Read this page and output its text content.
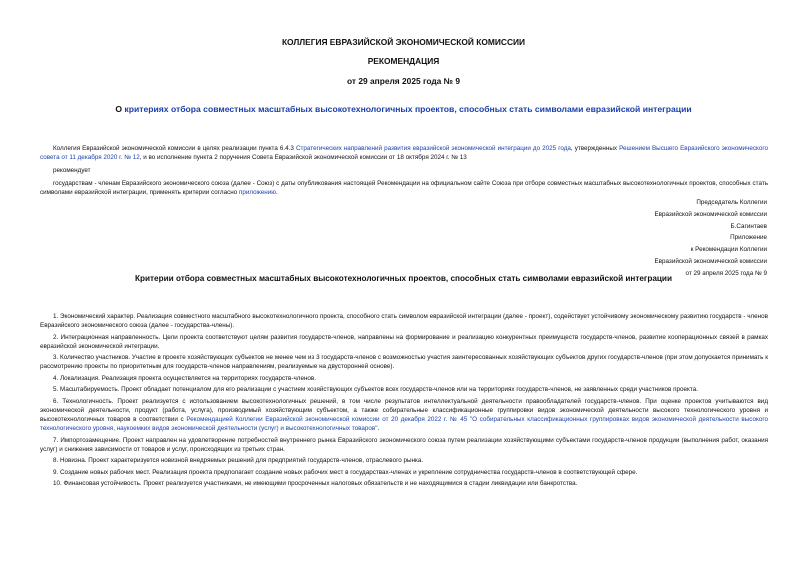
КОЛЛЕГИЯ ЕВРАЗИЙСКОЙ ЭКОНОМИЧЕСКОЙ КОМИССИИ
РЕКОМЕНДАЦИЯ
от 29 апреля 2025 года № 9
О критериях отбора совместных масштабных высокотехнологичных проектов, способных стать символами евразийской интеграции
Коллегия Евразийской экономической комиссии в целях реализации пункта 6.4.3 Стратегических направлений развития евразийской экономической интеграции до 2025 года, утвержденных Решением Высшего Евразийского экономического совета от 11 декабря 2020 г. № 12, и во исполнение пункта 2 поручения Совета Евразийской экономической комиссии от 18 октября 2024 г. № 13
рекомендует
государствам - членам Евразийского экономического союза (далее - Союз) с даты опубликования настоящей Рекомендации на официальном сайте Союза при отборе совместных масштабных высокотехнологичных проектов, способных стать символами евразийской интеграции, применять критерии согласно приложению.
Председатель Коллегии
Евразийской экономической комиссии
Б.Сагинтаев
Приложение
к Рекомендации Коллегии
Евразийской экономической комиссии
от 29 апреля 2025 года № 9
Критерии отбора совместных масштабных высокотехнологичных проектов, способных стать символами евразийской интеграции

1. Экономический характер. Реализация совместного масштабного высокотехнологичного проекта, способного стать символом евразийской интеграции (далее - проект), содействует устойчивому экономическому развитию государств - членов Евразийского экономического союза (далее - государства-члены).

2. Интеграционная направленность. Цели проекта соответствуют целям развития государств-членов, направлены на формирование и реализацию конкурентных преимуществ государств-членов, развитие кооперационных связей в рамках евразийской экономической интеграции.

3. Количество участников. Участие в проекте хозяйствующих субъектов не менее чем из 3 государств-членов с возможностью участия заинтересованных хозяйствующих субъектов других государств-членов (при этом допускается принимать к рассмотрению проекты по приоритетным для государств-членов направлениям, реализуемые на двусторонней основе).

4. Локализация. Реализация проекта осуществляется на территориях государств-членов.

5. Масштабируемость. Проект обладает потенциалом для его реализации с участием хозяйствующих субъектов всех государств-членов или на территориях государств-членов, не заявленных среди участников проекта.

6. Технологичность. Проект реализуется с использованием высокотехнологичных решений, в том числе результатов интеллектуальной деятельности правообладателей государств-членов. При оценке проектов учитываются вид экономической деятельности, продукт (работа, услуга), производимый хозяйствующим субъектом, а также собирательные классификационные группировки видов экономической деятельности высокого технологического уровня и высокотехнологичных товаров в соответствии с Рекомендацией Коллегии Евразийской экономической комиссии от 20 декабря 2022 г. № 45 "О собирательных классификационных группировках видов экономической деятельности высокого технологического уровня, наукоемких видов экономической деятельности (услуг) и высокотехнологичных товаров".

7. Импортозамещение. Проект направлен на удовлетворение потребностей внутреннего рынка Евразийского экономического союза путем реализации хозяйствующими субъектами государств-членов продукции (выполнения работ, оказания услуг) и снижения зависимости от товаров и услуг, происходящих из третьих стран.

8. Новизна. Проект характеризуется новизной внедряемых решений для предприятий государств-членов, отраслевого рынка.

9. Создание новых рабочих мест. Реализация проекта предполагает создание новых рабочих мест в государствах-членах и укрепление сотрудничества государств-членов в соответствующей сфере.

10. Финансовая устойчивость. Проект реализуется участниками, не имеющими просроченных налоговых обязательств и не находящимися в стадии ликвидации или банкротства.
